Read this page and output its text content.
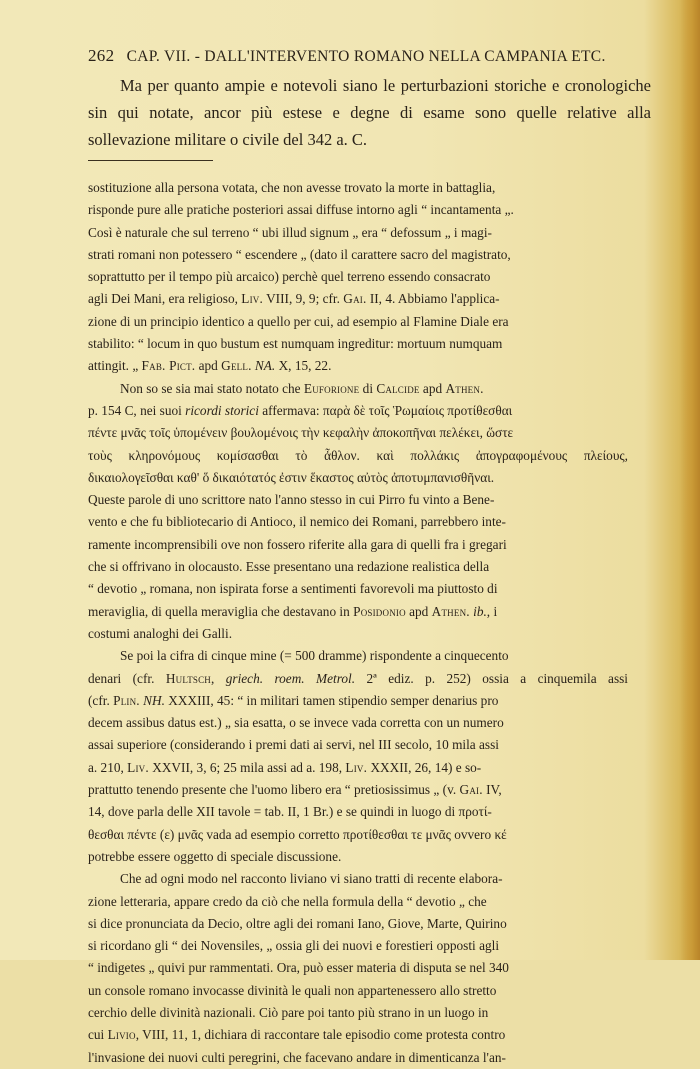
262 CAP. VII. - DALL'INTERVENTO ROMANO NELLA CAMPANIA ETC.

Ma per quanto ampie e notevoli siano le perturbazioni storiche e cronologiche sin qui notate, ancor più estese e degne di esame sono quelle relative alla sollevazione militare o civile del 342 a. C.

sostituzione alla persona votata, che non avesse trovato la morte in battaglia,
risponde pure alle pratiche posteriori assai diffuse intorno agli “ incantamenta „.
Così è naturale che sul terreno “ ubi illud signum „ era “ defossum „ i magi-
strati romani non potessero “ escendere „ (dato il carattere sacro del magistrato,
soprattutto per il tempo più arcaico) perchè quel terreno essendo consacrato
agli Dei Mani, era religioso, Liv. VIII, 9, 9; cfr. Gai. II, 4. Abbiamo l'applica-
zione di un principio identico a quello per cui, ad esempio al Flamine Diale era
stabilito: “ locum in quo bustum est numquam ingreditur: mortuum numquam
attingit. „ Fab. Pict. apd Gell. NA. X, 15, 22.
Non so se sia mai stato notato che Euforione di Calcide apd Athen.
p. 154 C, nei suoi ricordi storici affermava: παρὰ δὲ τοῖς Ῥωμαίοις προτίθεσθαι
πέντε μνᾶς τοῖς ὑπομένειν βουλομένοις τὴν κεφαλὴν ἀποκοπῆναι πελέκει, ὥστε
τοὺς κληρονόμους κομίσασθαι τὸ ἆθλον. καὶ πολλάκις ἀπογραφομένους πλείους,
δικαιολογεῖσθαι καθ' ὅ δικαιότατός ἐστιν ἕκαστος αὐτὸς ἀποτυμπανισθῆναι.
Queste parole di uno scrittore nato l'anno stesso in cui Pirro fu vinto a Bene-
vento e che fu bibliotecario di Antioco, il nemico dei Romani, parrebbero inte-
ramente incomprensibili ove non fossero riferite alla gara di quelli fra i gregari
che si offrivano in olocausto. Esse presentano una redazione realistica della
“ devotio „ romana, non ispirata forse a sentimenti favorevoli ma piuttosto di
meraviglia, di quella meraviglia che destavano in Posidonio apd Athen. ib., i
costumi analoghi dei Galli.
Se poi la cifra di cinque mine (= 500 dramme) rispondente a cinquecento
denari (cfr. Hultsch, griech. roem. Metrol. 2ª ediz. p. 252) ossia a cinquemila assi
(cfr. Plin. NH. XXXIII, 45: “ in militari tamen stipendio semper denarius pro
decem assibus datus est.) „ sia esatta, o se invece vada corretta con un numero
assai superiore (considerando i premi dati ai servi, nel III secolo, 10 mila assi
a. 210, Liv. XXVII, 3, 6; 25 mila assi ad a. 198, Liv. XXXII, 26, 14) e so-
prattutto tenendo presente che l'uomo libero era “ pretiosissimus „ (v. Gai. IV,
14, dove parla delle XII tavole = tab. II, 1 Br.) e se quindi in luogo di προτί-
θεσθαι πέντε (ε) μνᾶς vada ad esempio corretto προτίθεσθαι τε μνᾶς ovvero κέ
potrebbe essere oggetto di speciale discussione.
Che ad ogni modo nel racconto liviano vi siano tratti di recente elabora-
zione letteraria, appare credo da ciò che nella formula della “ devotio „ che
si dice pronunciata da Decio, oltre agli dei romani Iano, Giove, Marte, Quirino
si ricordano gli “ dei Novensiles, „ ossia gli dei nuovi e forestieri opposti agli
“ indigetes „ quivi pur rammentati. Ora, può esser materia di disputa se nel 340
un console romano invocasse divinità le quali non appartenessero allo stretto
cerchio delle divinità nazionali. Ciò pare poi tanto più strano in un luogo in
cui Livio, VIII, 11, 1, dichiara di raccontare tale episodio come protesta contro
l'invasione dei nuovi culti peregrini, che facevano andare in dimenticanza l'an-
